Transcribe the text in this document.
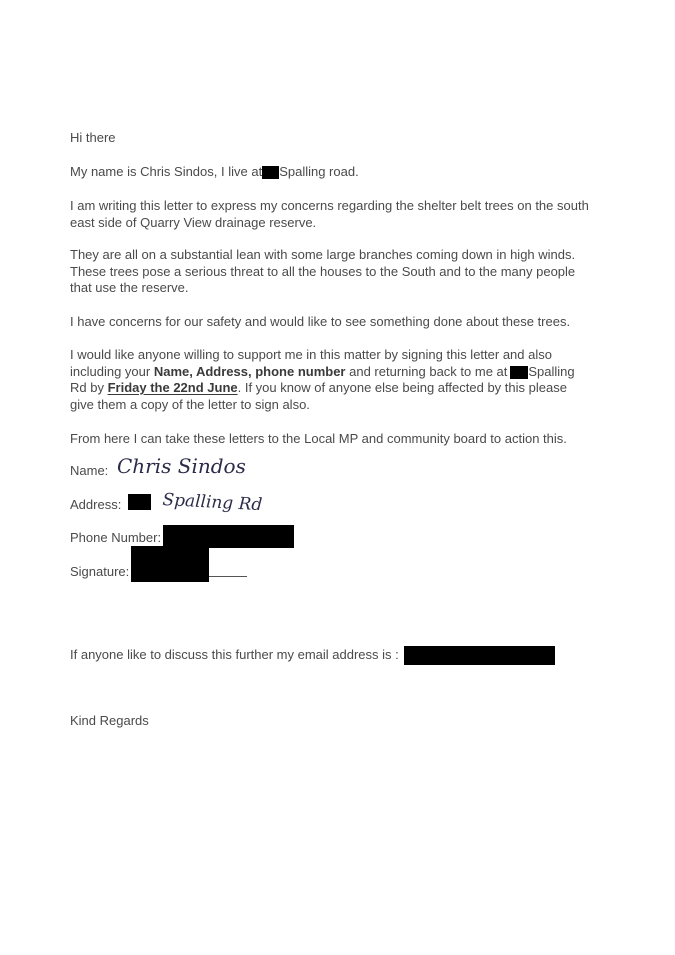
Hi there
My name is Chris Sindos, I live at Spalling road.
I am writing this letter to express my concerns regarding the shelter belt trees on the south east side of Quarry View drainage reserve.
They are all on a substantial lean with some large branches coming down in high winds. These trees pose a serious threat to all the houses to the South and to the many people that use the reserve.
I have concerns for our safety and would like to see something done about these trees.
I would like anyone willing to support me in this matter by signing this letter and also including your Name, Address, phone number and returning back to me at Spalling Rd by Friday the 22nd June. If you know of anyone else being affected by this please give them a copy of the letter to sign also.
From here I can take these letters to the Local MP and community board to action this.
Name: Chris Sindos
Address: Spalling Rd
Phone Number:
Signature:
If anyone like to discuss this further my email address is :
Kind Regards
